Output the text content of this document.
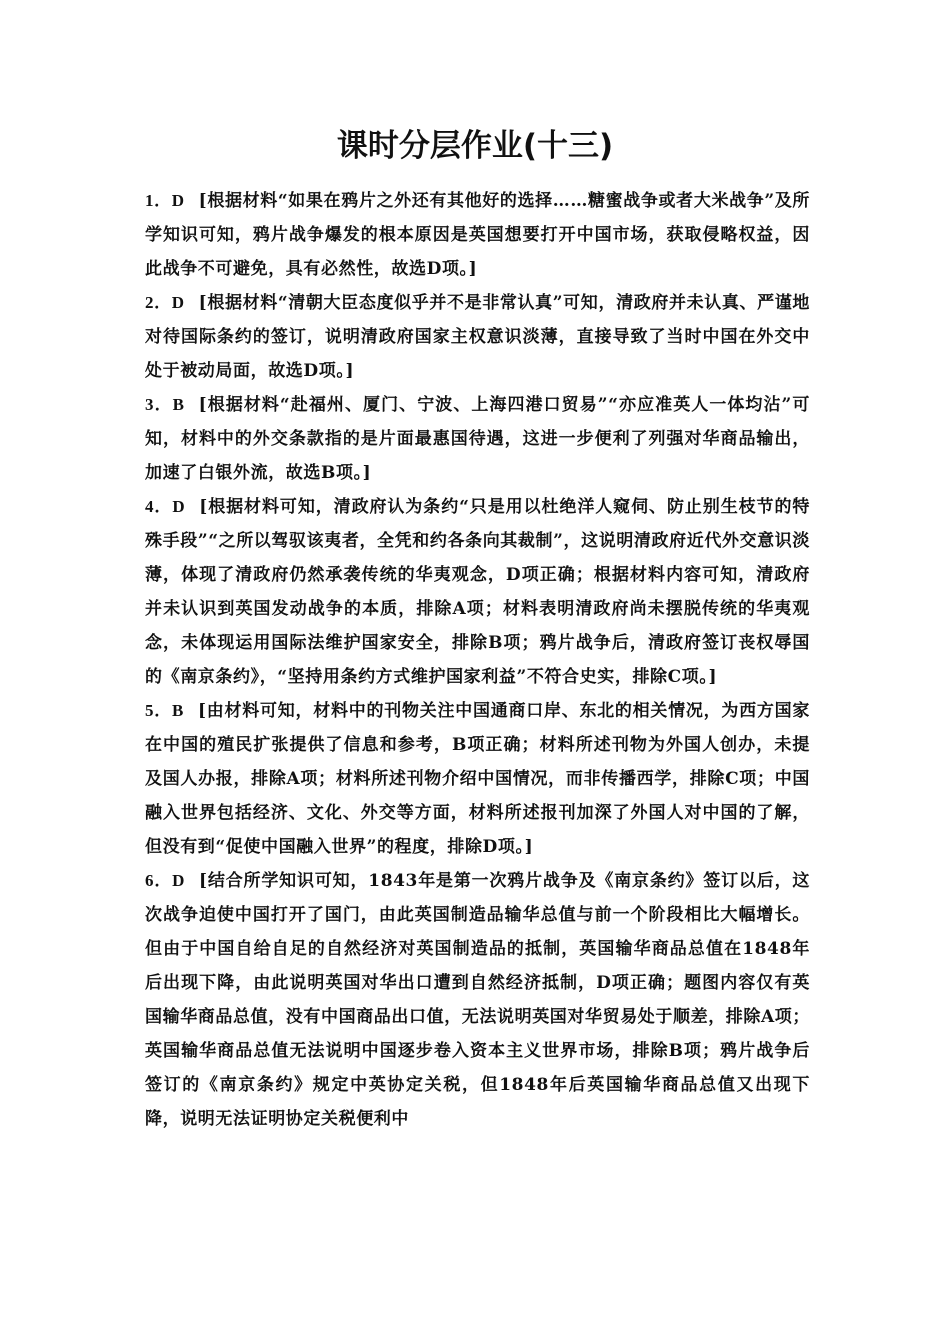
课时分层作业(十三)

1．D [根据材料“如果在鸦片之外还有其他好的选择……糖蜜战争或者大米战争”及所学知识可知，鸦片战争爆发的根本原因是英国想要打开中国市场，获取侵略权益，因此战争不可避免，具有必然性，故选D项。]

2．D [根据材料“清朝大臣态度似乎并不是非常认真”可知，清政府并未认真、严谨地对待国际条约的签订，说明清政府国家主权意识淡薄，直接导致了当时中国在外交中处于被动局面，故选D项。]

3．B [根据材料“赴福州、厦门、宁波、上海四港口贸易”“亦应准英人一体均沾”可知，材料中的外交条款指的是片面最惠国待遇，这进一步便利了列强对华商品输出，加速了白银外流，故选B项。]

4．D [根据材料可知，清政府认为条约“只是用以杜绝洋人窥伺、防止别生枝节的特殊手段”“之所以驾驭该夷者，全凭和约各条向其裁制”，这说明清政府近代外交意识淡薄，体现了清政府仍然承袭传统的华夷观念，D项正确；根据材料内容可知，清政府并未认识到英国发动战争的本质，排除A项；材料表明清政府尚未摆脱传统的华夷观念，未体现运用国际法维护国家安全，排除B项；鸦片战争后，清政府签订丧权辱国的《南京条约》，“坚持用条约方式维护国家利益”不符合史实，排除C项。]

5．B [由材料可知，材料中的刊物关注中国通商口岸、东北的相关情况，为西方国家在中国的殖民扩张提供了信息和参考，B项正确；材料所述刊物为外国人创办，未提及国人办报，排除A项；材料所述刊物介绍中国情况，而非传播西学，排除C项；中国融入世界包括经济、文化、外交等方面，材料所述报刊加深了外国人对中国的了解，但没有到“促使中国融入世界”的程度，排除D项。]

6．D [结合所学知识可知，1843年是第一次鸦片战争及《南京条约》签订以后，这次战争迫使中国打开了国门，由此英国制造品输华总值与前一个阶段相比大幅增长。但由于中国自给自足的自然经济对英国制造品的抵制，英国输华商品总值在1848年后出现下降，由此说明英国对华出口遭到自然经济抵制，D项正确；题图内容仅有英国输华商品总值，没有中国商品出口值，无法说明英国对华贸易处于顺差，排除A项；英国输华商品总值无法说明中国逐步卷入资本主义世界市场，排除B项；鸦片战争后签订的《南京条约》规定中英协定关税，但1848年后英国输华商品总值又出现下降，说明无法证明协定关税便利中
